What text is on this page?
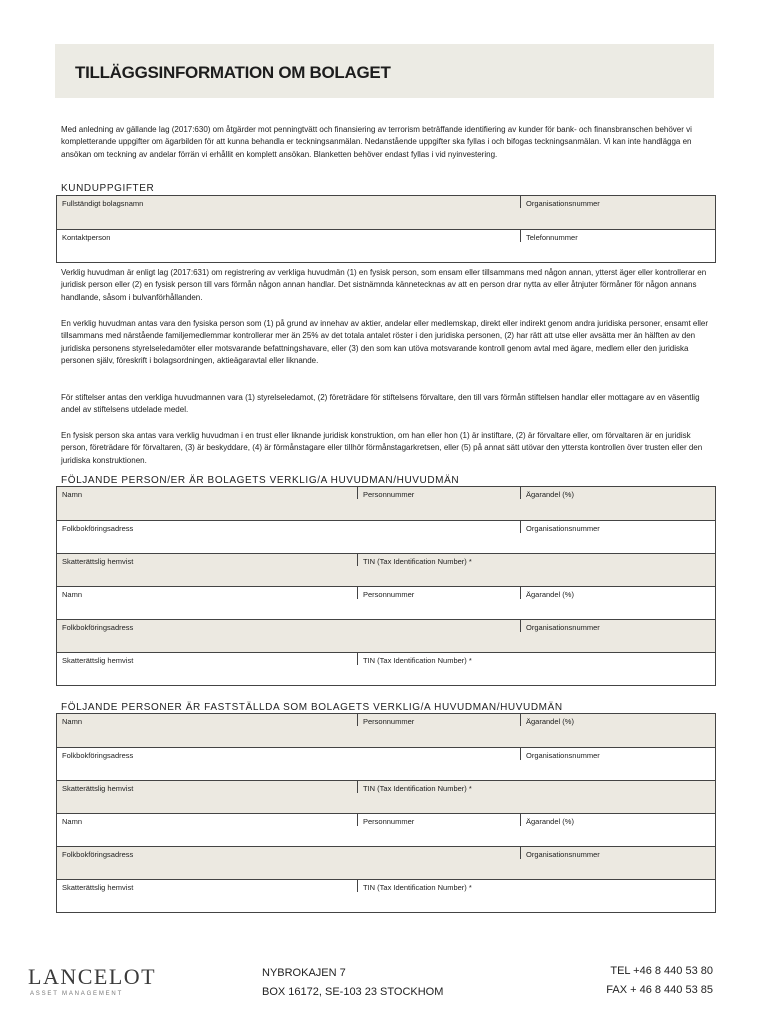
TILLÄGGSINFORMATION OM BOLAGET
Med anledning av gällande lag (2017:630) om åtgärder mot penningtvätt och finansiering av terrorism beträffande identifiering av kunder för bank- och finansbranschen behöver vi kompletterande uppgifter om ägarbilden för att kunna behandla er teckningsanmälan. Nedanstående uppgifter ska fyllas i och bifogas teckningsanmälan. Vi kan inte handlägga en ansökan om teckning av andelar förrän vi erhållit en komplett ansökan. Blanketten behöver endast fyllas i vid nyinvestering.
KUNDUPPGIFTER
Fullständigt bolagsnamn	Organisationsnummer
Kontaktperson	Telefonnummer
Verklig huvudman är enligt lag (2017:631) om registrering av verkliga huvudmän (1) en fysisk person, som ensam eller tillsammans med någon annan, ytterst äger eller kontrollerar en juridisk person eller (2) en fysisk person till vars förmån någon annan handlar. Det sistnämnda kännetecknas av att en person drar nytta av eller åtnjuter förmåner för någon annans handlande, såsom i bulvanförhållanden.
En verklig huvudman antas vara den fysiska person som (1) på grund av innehav av aktier, andelar eller medlemskap, direkt eller indirekt genom andra juridiska personer, ensamt eller tillsammans med närstående familjemedlemmar kontrollerar mer än 25% av det totala antalet röster i den juridiska personen, (2) har rätt att utse eller avsätta mer än hälften av den juridiska personens styrelseledamöter eller motsvarande befattningshavare, eller (3) den som kan utöva motsvarande kontroll genom avtal med ägare, medlem eller den juridiska personen själv, föreskrift i bolagsordningen, aktieägaravtal eller liknande.
För stiftelser antas den verkliga huvudmannen vara (1) styrelseledamot, (2) företrädare för stiftelsens förvaltare, den till vars förmån stiftelsen handlar eller mottagare av en väsentlig andel av stiftelsens utdelade medel.
En fysisk person ska antas vara verklig huvudman i en trust eller liknande juridisk konstruktion, om han eller hon (1) är instiftare, (2) är förvaltare eller, om förvaltaren är en juridisk person, företrädare för förvaltaren, (3) är beskyddare, (4) är förmånstagare eller tillhör förmånstagarkretsen, eller (5) på annat sätt utövar den yttersta kontrollen över trusten eller den juridiska konstruktionen.
FÖLJANDE PERSON/ER ÄR BOLAGETS VERKLIG/A HUVUDMAN/HUVUDMÄN
Namn	Personnummer	Ägarandel (%)
Folkbokföringsadress	Organisationsnummer
Skatterättslig hemvist	TIN (Tax Identification Number) *
Namn	Personnummer	Ägarandel (%)
Folkbokföringsadress	Organisationsnummer
Skatterättslig hemvist	TIN (Tax Identification Number) *
FÖLJANDE PERSONER ÄR FASTSTÄLLDA SOM BOLAGETS VERKLIG/A HUVUDMAN/HUVUDMÄN
Namn	Personnummer	Ägarandel (%)
Folkbokföringsadress	Organisationsnummer
Skatterättslig hemvist	TIN (Tax Identification Number) *
Namn	Personnummer	Ägarandel (%)
Folkbokföringsadress	Organisationsnummer
Skatterättslig hemvist	TIN (Tax Identification Number) *
LANCELOT
ASSET MANAGEMENT
NYBROKAJEN 7
BOX 16172, SE-103 23 STOCKHOM
TEL +46 8 440 53 80
FAX + 46 8 440 53 85
